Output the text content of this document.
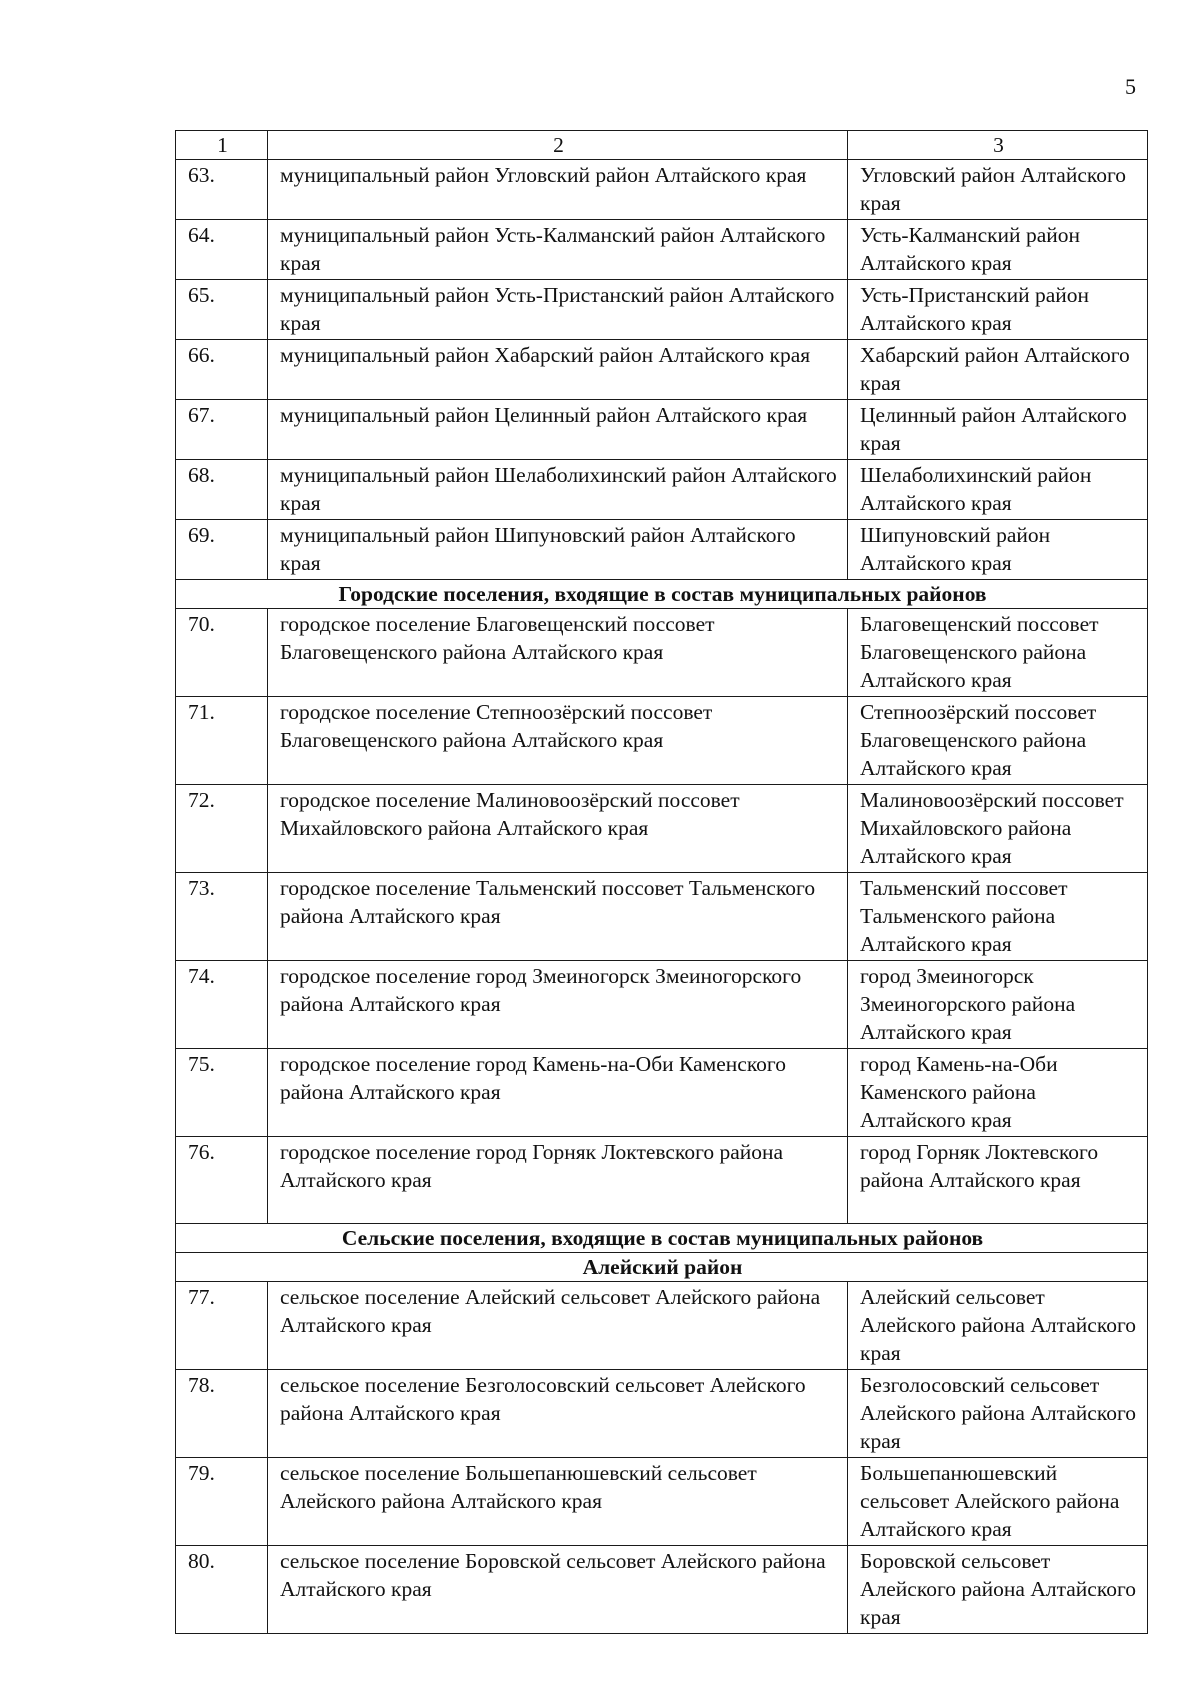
5
1	2	3
63.	муниципальный район Угловский район Алтайского края	Угловский район Алтайского края
64.	муниципальный район Усть-Калманский район Алтайского края	Усть-Калманский район Алтайского края
65.	муниципальный район Усть-Пристанский район Алтайского края	Усть-Пристанский район Алтайского края
66.	муниципальный район Хабарский район Алтайского края	Хабарский район Алтайского края
67.	муниципальный район Целинный район Алтайского края	Целинный район Алтайского края
68.	муниципальный район Шелаболихинский район Алтайского края	Шелаболихинский район Алтайского края
69.	муниципальный район Шипуновский район Алтайского края	Шипуновский район Алтайского края
Городские поселения, входящие в состав муниципальных районов		
70.	городское поселение Благовещенский поссовет Благовещенского района Алтайского края	Благовещенский поссовет Благовещенского района Алтайского края
71.	городское поселение Степноозёрский поссовет Благовещенского района Алтайского края	Степноозёрский поссовет Благовещенского района Алтайского края
72.	городское поселение Малиновоозёрский поссовет Михайловского района Алтайского края	Малиновоозёрский поссовет Михайловского района Алтайского края
73.	городское поселение Тальменский поссовет Тальменского района Алтайского края	Тальменский поссовет Тальменского района Алтайского края
74.	городское поселение город Змеиногорск Змеиногорского района Алтайского края	город Змеиногорск Змеиногорского района Алтайского края
75.	городское поселение город Камень-на-Оби Каменского района Алтайского края	город Камень-на-Оби Каменского района Алтайского края
76.	городское поселение город Горняк Локтевского района Алтайского края	город Горняк Локтевского района Алтайского края
Сельские поселения, входящие в состав муниципальных районов		
Алейский район		
77.	сельское поселение Алейский сельсовет Алейского района Алтайского края	Алейский сельсовет Алейского района Алтайского края
78.	сельское поселение Безголосовский сельсовет Алейского района Алтайского края	Безголосовский сельсовет Алейского района Алтайского края
79.	сельское поселение Большепанюшевский сельсовет Алейского района Алтайского края	Большепанюшевский сельсовет Алейского района Алтайского края
80.	сельское поселение Боровской сельсовет Алейского района Алтайского края	Боровской сельсовет Алейского района Алтайского края
